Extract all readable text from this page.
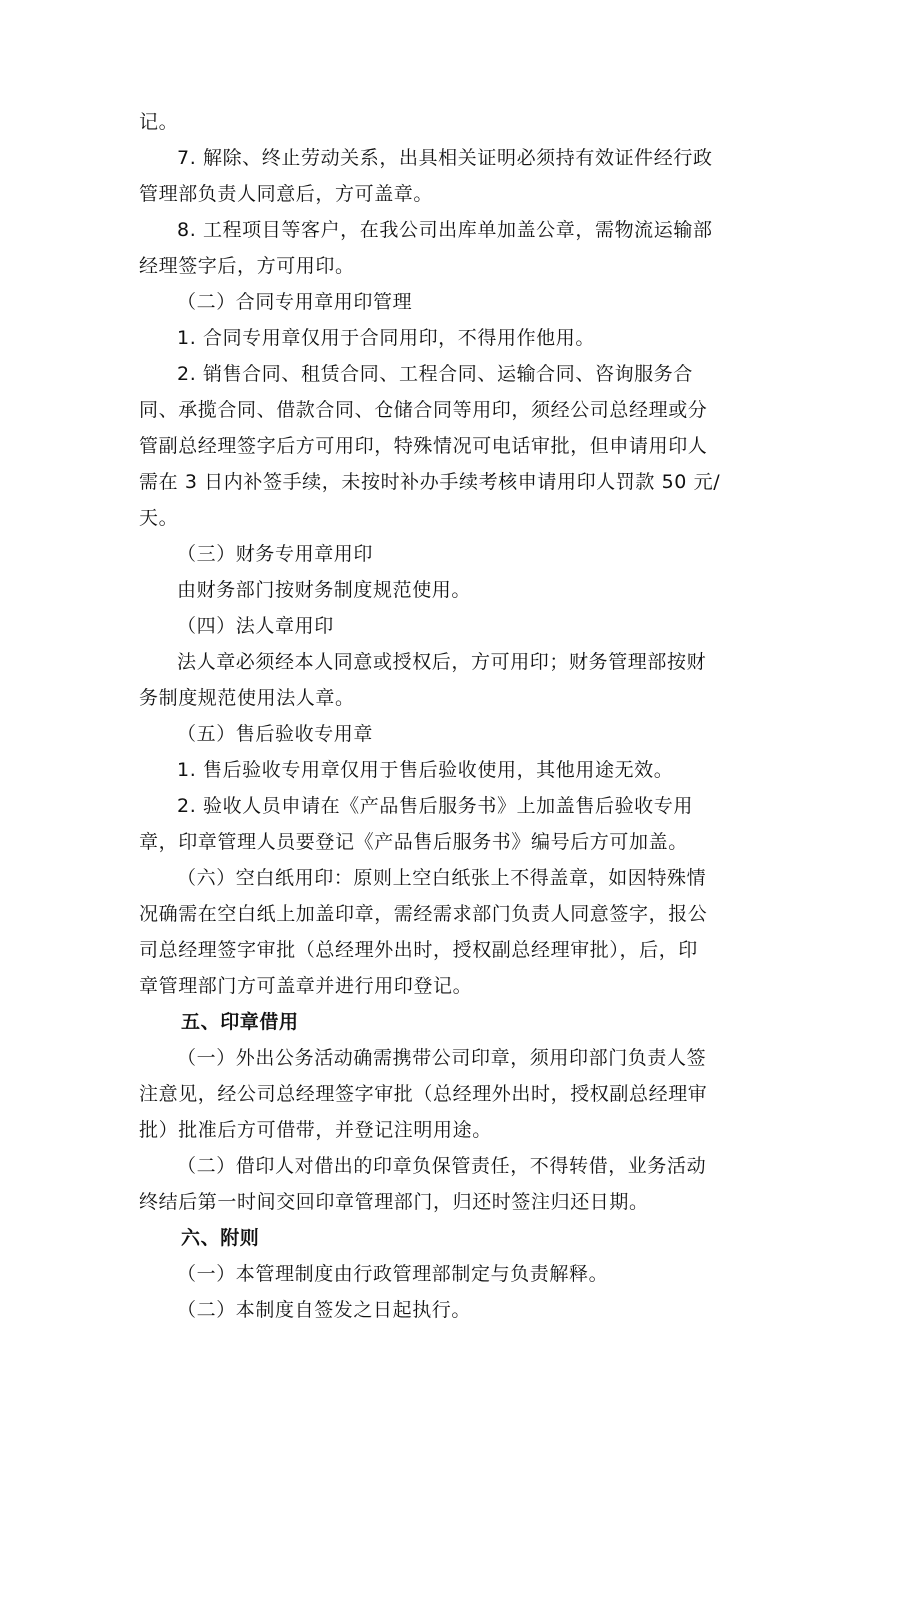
记。
7. 解除、终止劳动关系，出具相关证明必须持有效证件经行政
管理部负责人同意后，方可盖章。
8. 工程项目等客户，在我公司出库单加盖公章，需物流运输部
经理签字后，方可用印。
（二）合同专用章用印管理
1. 合同专用章仅用于合同用印，不得用作他用。
2. 销售合同、租赁合同、工程合同、运输合同、咨询服务合
同、承揽合同、借款合同、仓储合同等用印，须经公司总经理或分
管副总经理签字后方可用印，特殊情况可电话审批，但申请用印人
需在 3 日内补签手续，未按时补办手续考核申请用印人罚款 50 元/
天。
（三）财务专用章用印
由财务部门按财务制度规范使用。
（四）法人章用印
法人章必须经本人同意或授权后，方可用印；财务管理部按财
务制度规范使用法人章。
（五）售后验收专用章
1. 售后验收专用章仅用于售后验收使用，其他用途无效。
2. 验收人员申请在《产品售后服务书》上加盖售后验收专用
章，印章管理人员要登记《产品售后服务书》编号后方可加盖。
（六）空白纸用印：原则上空白纸张上不得盖章，如因特殊情
况确需在空白纸上加盖印章，需经需求部门负责人同意签字，报公
司总经理签字审批（总经理外出时，授权副总经理审批），后，印
章管理部门方可盖章并进行用印登记。
五、印章借用
（一）外出公务活动确需携带公司印章，须用印部门负责人签
注意见，经公司总经理签字审批（总经理外出时，授权副总经理审
批）批准后方可借带，并登记注明用途。
（二）借印人对借出的印章负保管责任，不得转借，业务活动
终结后第一时间交回印章管理部门，归还时签注归还日期。
六、附则
（一）本管理制度由行政管理部制定与负责解释。
（二）本制度自签发之日起执行。
